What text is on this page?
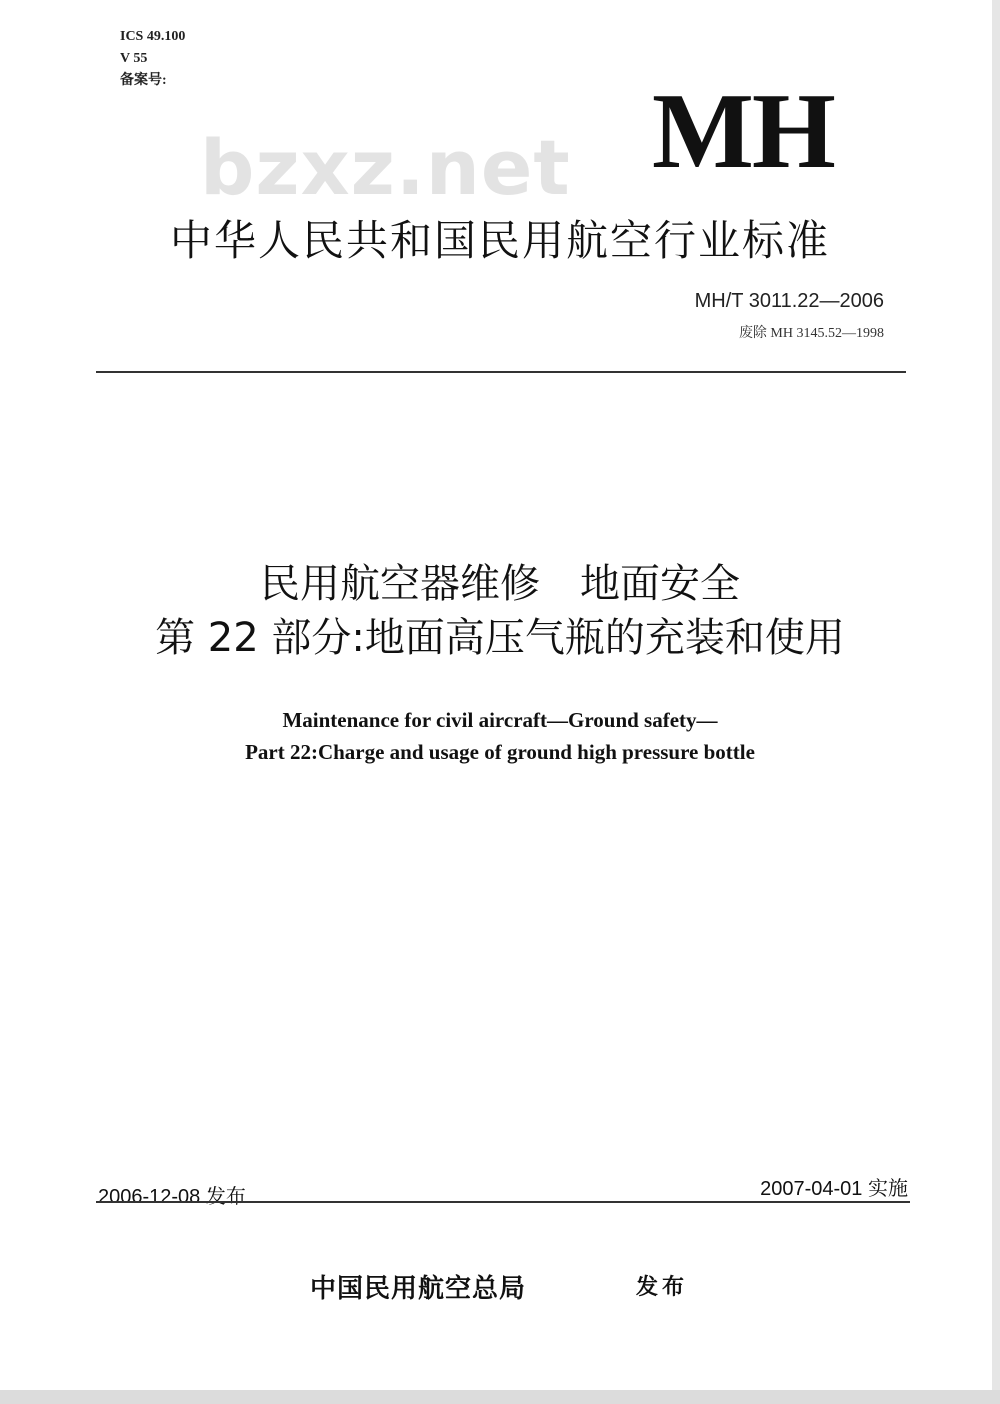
ICS 49.100
V 55
备案号:
bzxz.net MH
中华人民共和国民用航空行业标准
MH/T 3011.22—2006
废除 MH 3145.52—1998
民用航空器维修　地面安全
第 22 部分:地面高压气瓶的充装和使用
Maintenance for civil aircraft—Ground safety—
Part 22:Charge and usage of ground high pressure bottle
2006-12-08 发布	2007-04-01 实施
中国民用航空总局	发布
